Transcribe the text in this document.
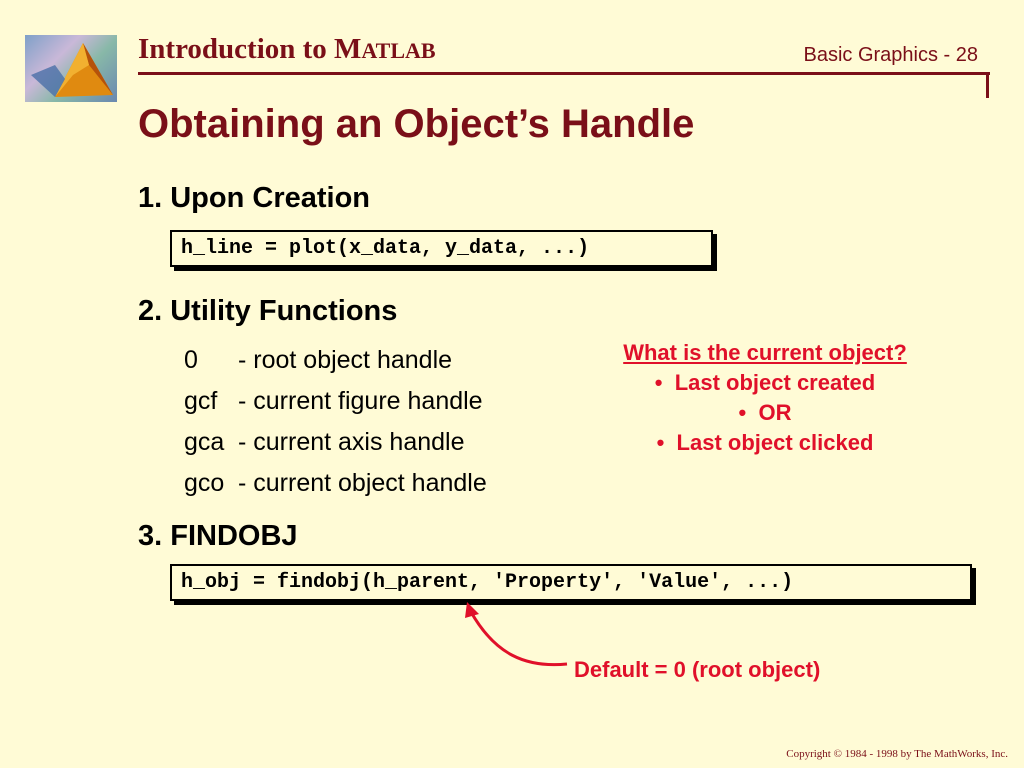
Introduction to MATLAB	Basic Graphics - 28
Obtaining an Object’s Handle
1. Upon Creation
h_line = plot(x_data, y_data, ...)
2. Utility Functions
0	- root object handle
gcf - current figure handle
gca - current axis handle
gco - current object handle
What is the current object?
•  Last object created
•  OR
•  Last object clicked
3. FINDOBJ
h_obj = findobj(h_parent, 'Property', 'Value', ...)
Default = 0 (root object)
Copyright © 1984 - 1998 by The MathWorks, Inc.
